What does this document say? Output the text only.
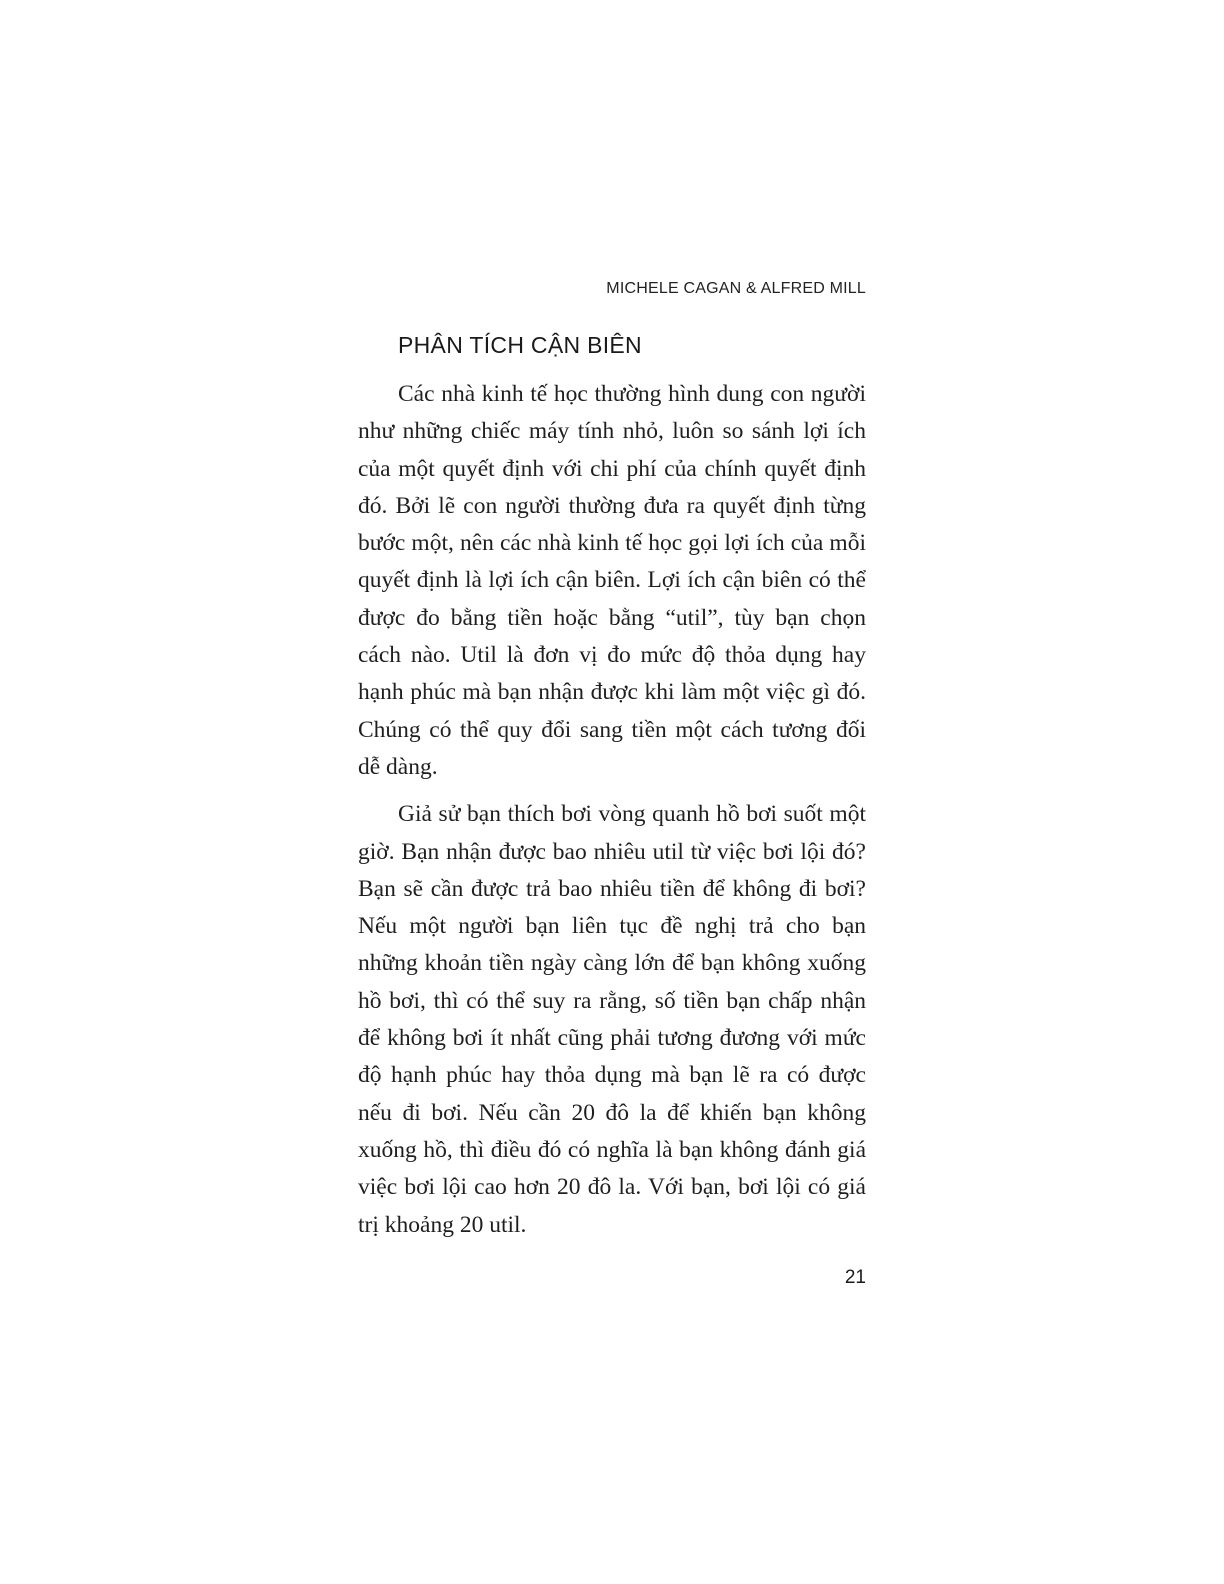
MICHELE CAGAN & ALFRED MILL
PHÂN TÍCH CẬN BIÊN

Các nhà kinh tế học thường hình dung con người như những chiếc máy tính nhỏ, luôn so sánh lợi ích của một quyết định với chi phí của chính quyết định đó. Bởi lẽ con người thường đưa ra quyết định từng bước một, nên các nhà kinh tế học gọi lợi ích của mỗi quyết định là lợi ích cận biên. Lợi ích cận biên có thể được đo bằng tiền hoặc bằng “util”, tùy bạn chọn cách nào. Util là đơn vị đo mức độ thỏa dụng hay hạnh phúc mà bạn nhận được khi làm một việc gì đó. Chúng có thể quy đổi sang tiền một cách tương đối dễ dàng.

Giả sử bạn thích bơi vòng quanh hồ bơi suốt một giờ. Bạn nhận được bao nhiêu util từ việc bơi lội đó? Bạn sẽ cần được trả bao nhiêu tiền để không đi bơi? Nếu một người bạn liên tục đề nghị trả cho bạn những khoản tiền ngày càng lớn để bạn không xuống hồ bơi, thì có thể suy ra rằng, số tiền bạn chấp nhận để không bơi ít nhất cũng phải tương đương với mức độ hạnh phúc hay thỏa dụng mà bạn lẽ ra có được nếu đi bơi. Nếu cần 20 đô la để khiến bạn không xuống hồ, thì điều đó có nghĩa là bạn không đánh giá việc bơi lội cao hơn 20 đô la. Với bạn, bơi lội có giá trị khoảng 20 util.

21
